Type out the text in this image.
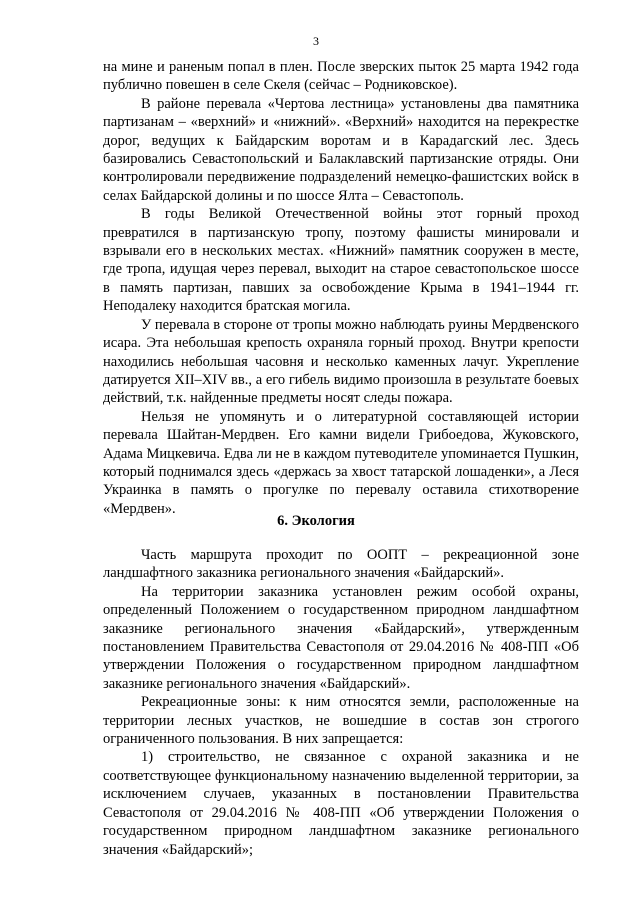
3

на мине и раненым попал в плен. После зверских пыток 25 марта 1942 года публично повешен в селе Скеля (сейчас – Родниковское).

В районе перевала «Чертова лестница» установлены два памятника партизанам – «верхний» и «нижний». «Верхний» находится на перекрестке дорог, ведущих к Байдарским воротам и в Карадагский лес. Здесь базировались Севастопольский и Балаклавский партизанские отряды. Они контролировали передвижение подразделений немецко-фашистских войск в селах Байдарской долины и по шоссе Ялта – Севастополь.

В годы Великой Отечественной войны этот горный проход превратился в партизанскую тропу, поэтому фашисты минировали и взрывали его в нескольких местах. «Нижний» памятник сооружен в месте, где тропа, идущая через перевал, выходит на старое севастопольское шоссе в память партизан, павших за освобождение Крыма в 1941–1944 гг. Неподалеку находится братская могила.

У перевала в стороне от тропы можно наблюдать руины Мердвенского исара. Эта небольшая крепость охраняла горный проход. Внутри крепости находились небольшая часовня и несколько каменных лачуг. Укрепление датируется XII–XIV вв., а его гибель видимо произошла в результате боевых действий, т.к. найденные предметы носят следы пожара.

Нельзя не упомянуть и о литературной составляющей истории перевала Шайтан-Мердвен. Его камни видели Грибоедова, Жуковского, Адама Мицкевича. Едва ли не в каждом путеводителе упоминается Пушкин, который поднимался здесь «держась за хвост татарской лошаденки», а Леся Украинка в память о прогулке по перевалу оставила стихотворение «Мердвен».

6. Экология

Часть маршрута проходит по ООПТ – рекреационной зоне ландшафтного заказника регионального значения «Байдарский».

На территории заказника установлен режим особой охраны, определенный Положением о государственном природном ландшафтном заказнике регионального значения «Байдарский», утвержденным постановлением Правительства Севастополя от 29.04.2016 № 408-ПП «Об утверждении Положения о государственном природном ландшафтном заказнике регионального значения «Байдарский».

Рекреационные зоны: к ним относятся земли, расположенные на территории лесных участков, не вошедшие в состав зон строгого ограниченного пользования. В них запрещается:

1) строительство, не связанное с охраной заказника и не соответствующее функциональному назначению выделенной территории, за исключением случаев, указанных в постановлении Правительства Севастополя от 29.04.2016 № 408-ПП «Об утверждении Положения о государственном природном ландшафтном заказнике регионального значения «Байдарский»;
